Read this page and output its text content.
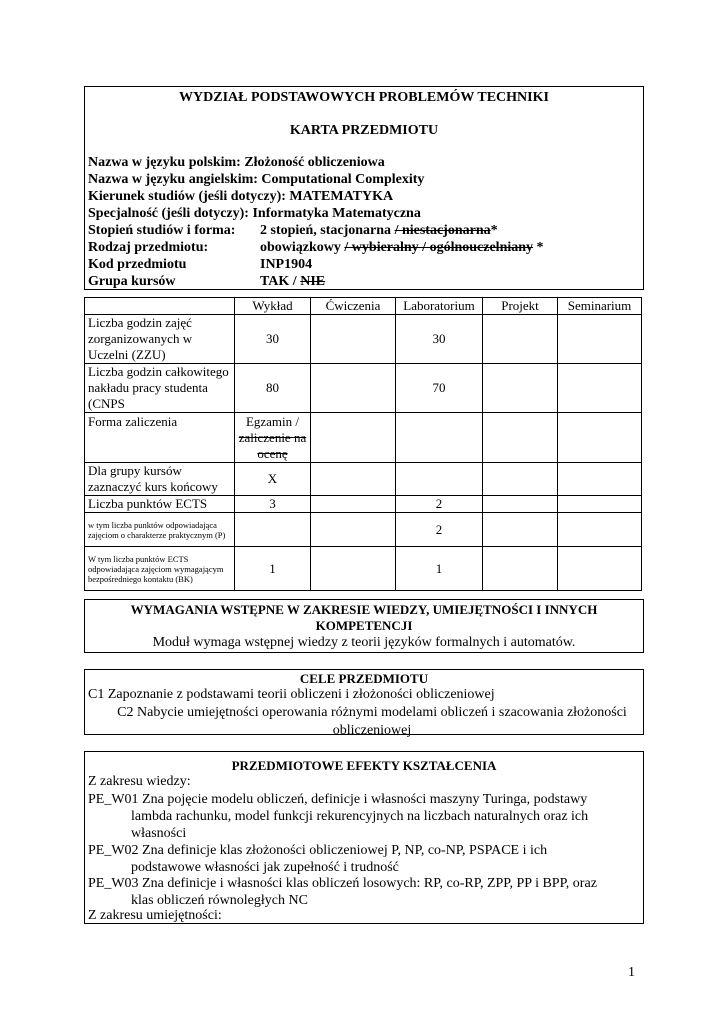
WYDZIAŁ PODSTAWOWYCH PROBLEMÓW TECHNIKI
KARTA PRZEDMIOTU
Nazwa w języku polskim: Złożoność obliczeniowa
Nazwa w języku angielskim: Computational Complexity
Kierunek studiów (jeśli dotyczy): MATEMATYKA
Specjalność (jeśli dotyczy): Informatyka Matematyczna
Stopień studiów i forma: 2 stopień, stacjonarna / niestacjonarna*
Rodzaj przedmiotu:	obowiązkowy / wybieralny / ogólnouczelniany *
Kod przedmiotu	INP1904
Grupa kursów	TAK / NIE
	Wykład	Ćwiczenia	Laboratorium	Projekt	Seminarium
Liczba godzin zajęć zorganizowanych w Uczelni (ZZU)	30		30		
Liczba godzin całkowitego nakładu pracy studenta (CNPS	80		70		
Forma zaliczenia	Egzamin /
zaliczenie na ocenę				
Dla grupy kursów zaznaczyć kurs końcowy	X				
Liczba punktów ECTS	3		2		
w tym liczba punktów odpowiadająca zajęciom o charakterze praktycznym (P)			2		
W tym liczba punktów ECTS odpowiadająca zajęciom wymagającym bezpośredniego kontaktu (BK)	1		1		
WYMAGANIA WSTĘPNE W ZAKRESIE WIEDZY, UMIEJĘTNOŚCI I INNYCH KOMPETENCJI
Moduł wymaga wstępnej wiedzy z teorii języków formalnych i automatów.
CELE PRZEDMIOTU
C1 Zapoznanie z podstawami teorii obliczeni i złożoności obliczeniowej
C2 Nabycie umiejętności operowania różnymi modelami obliczeń i szacowania złożoności obliczeniowej
PRZEDMIOTOWE EFEKTY KSZTAŁCENIA
Z zakresu wiedzy:
PE_W01 Zna pojęcie modelu obliczeń, definicje i własności maszyny Turinga, podstawy
lambda rachunku, model funkcji rekurencyjnych na liczbach naturalnych oraz ich własności
PE_W02 Zna definicje klas złożoności obliczeniowej P, NP, co-NP, PSPACE i ich
podstawowe własności jak zupełność i trudność
PE_W03 Zna definicje i własności klas obliczeń losowych: RP, co-RP, ZPP, PP i BPP, oraz
klas obliczeń równoległych NC
Z zakresu umiejętności:
1
